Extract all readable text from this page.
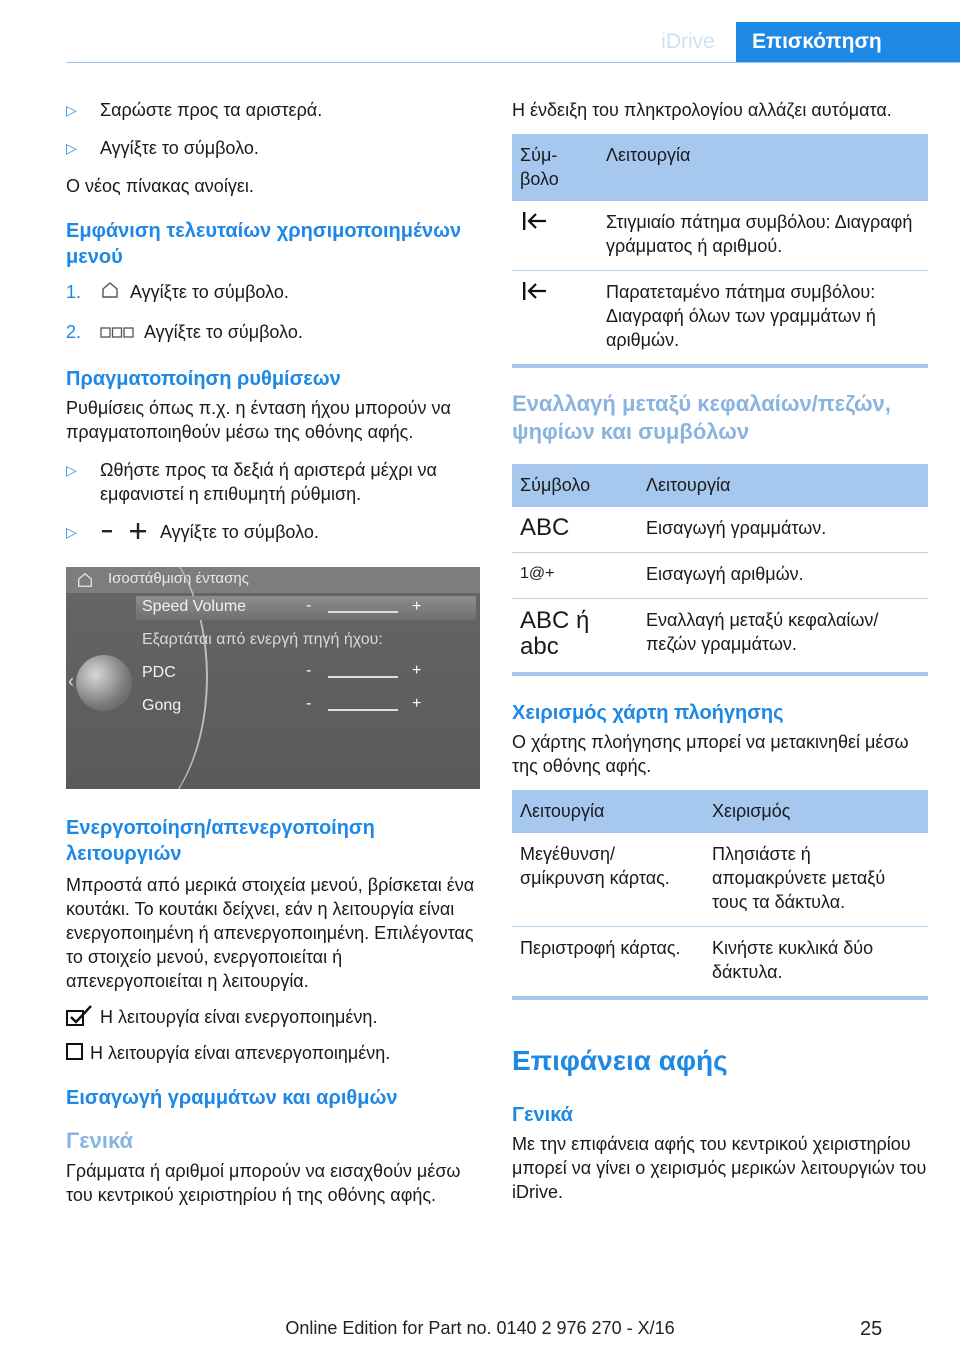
iDrive	Επισκόπηση

▷ Σαρώστε προς τα αριστερά.

▷ Αγγίξτε το σύμβολο.

Ο νέος πίνακας ανοίγει.

Εμφάνιση τελευταίων χρησιμοποιημένων μενού

1.	Αγγίξτε το σύμβολο.

2.	Αγγίξτε το σύμβολο.

Πραγματοποίηση ρυθμίσεων

Ρυθμίσεις όπως π.χ. η ένταση ήχου μπορούν να πραγματοποιηθούν μέσω της οθόνης αφής.

▷ Ωθήστε προς τα δεξιά ή αριστερά μέχρι να εμφανιστεί η επιθυμητή ρύθμιση.

▷	Αγγίξτε το σύμβολο.

Ισοστάθμιση έντασης
‹
Speed Volume	-	+
Εξαρτάται από ενεργή πηγή ήχου:
PDC	-	+
Gong	-	+

Ενεργοποίηση/απενεργοποίηση λειτουργιών

Μπροστά από μερικά στοιχεία μενού, βρίσκεται ένα κουτάκι. Το κουτάκι δείχνει, εάν η λειτουργία είναι ενεργοποιημένη ή απενεργοποιημένη. Επιλέγοντας το στοιχείο μενού, ενεργοποιείται ή απενεργοποιείται η λειτουργία.

Η λειτουργία είναι ενεργοποιημένη.

Η λειτουργία είναι απενεργοποιημένη.

Εισαγωγή γραμμάτων και αριθμών

Γενικά

Γράμματα ή αριθμοί μπορούν να εισαχθούν μέσω του κεντρικού χειριστηρίου ή της οθόνης αφής.

Η ένδειξη του πληκτρολογίου αλλάζει αυτόματα.

Σύμ-βολο	Λειτουργία
	Στιγμιαίο πάτημα συμβόλου: Διαγραφή γράμματος ή αριθμού.
	Παρατεταμένο πάτημα συμβόλου: Διαγραφή όλων των γραμμάτων ή αριθμών.

Εναλλαγή μεταξύ κεφαλαίων/πεζών, ψηφίων και συμβόλων

Σύμβολο	Λειτουργία
ABC	Εισαγωγή γραμμάτων.
1@+	Εισαγωγή αριθμών.
ABC ή abc	Εναλλαγή μεταξύ κεφαλαίων/πεζών γραμμάτων.

Χειρισμός χάρτη πλοήγησης

Ο χάρτης πλοήγησης μπορεί να μετακινηθεί μέσω της οθόνης αφής.

Λειτουργία	Χειρισμός
Μεγέθυνση/σμίκρυνση κάρτας.	Πλησιάστε ή απομακρύνετε μεταξύ τους τα δάκτυλα.
Περιστροφή κάρτας.	Κινήστε κυκλικά δύο δάκτυλα.

Επιφάνεια αφής

Γενικά

Με την επιφάνεια αφής του κεντρικού χειριστηρίου μπορεί να γίνει ο χειρισμός μερικών λειτουργιών του iDrive.

25
Online Edition for Part no. 0140 2 976 270 - X/16
